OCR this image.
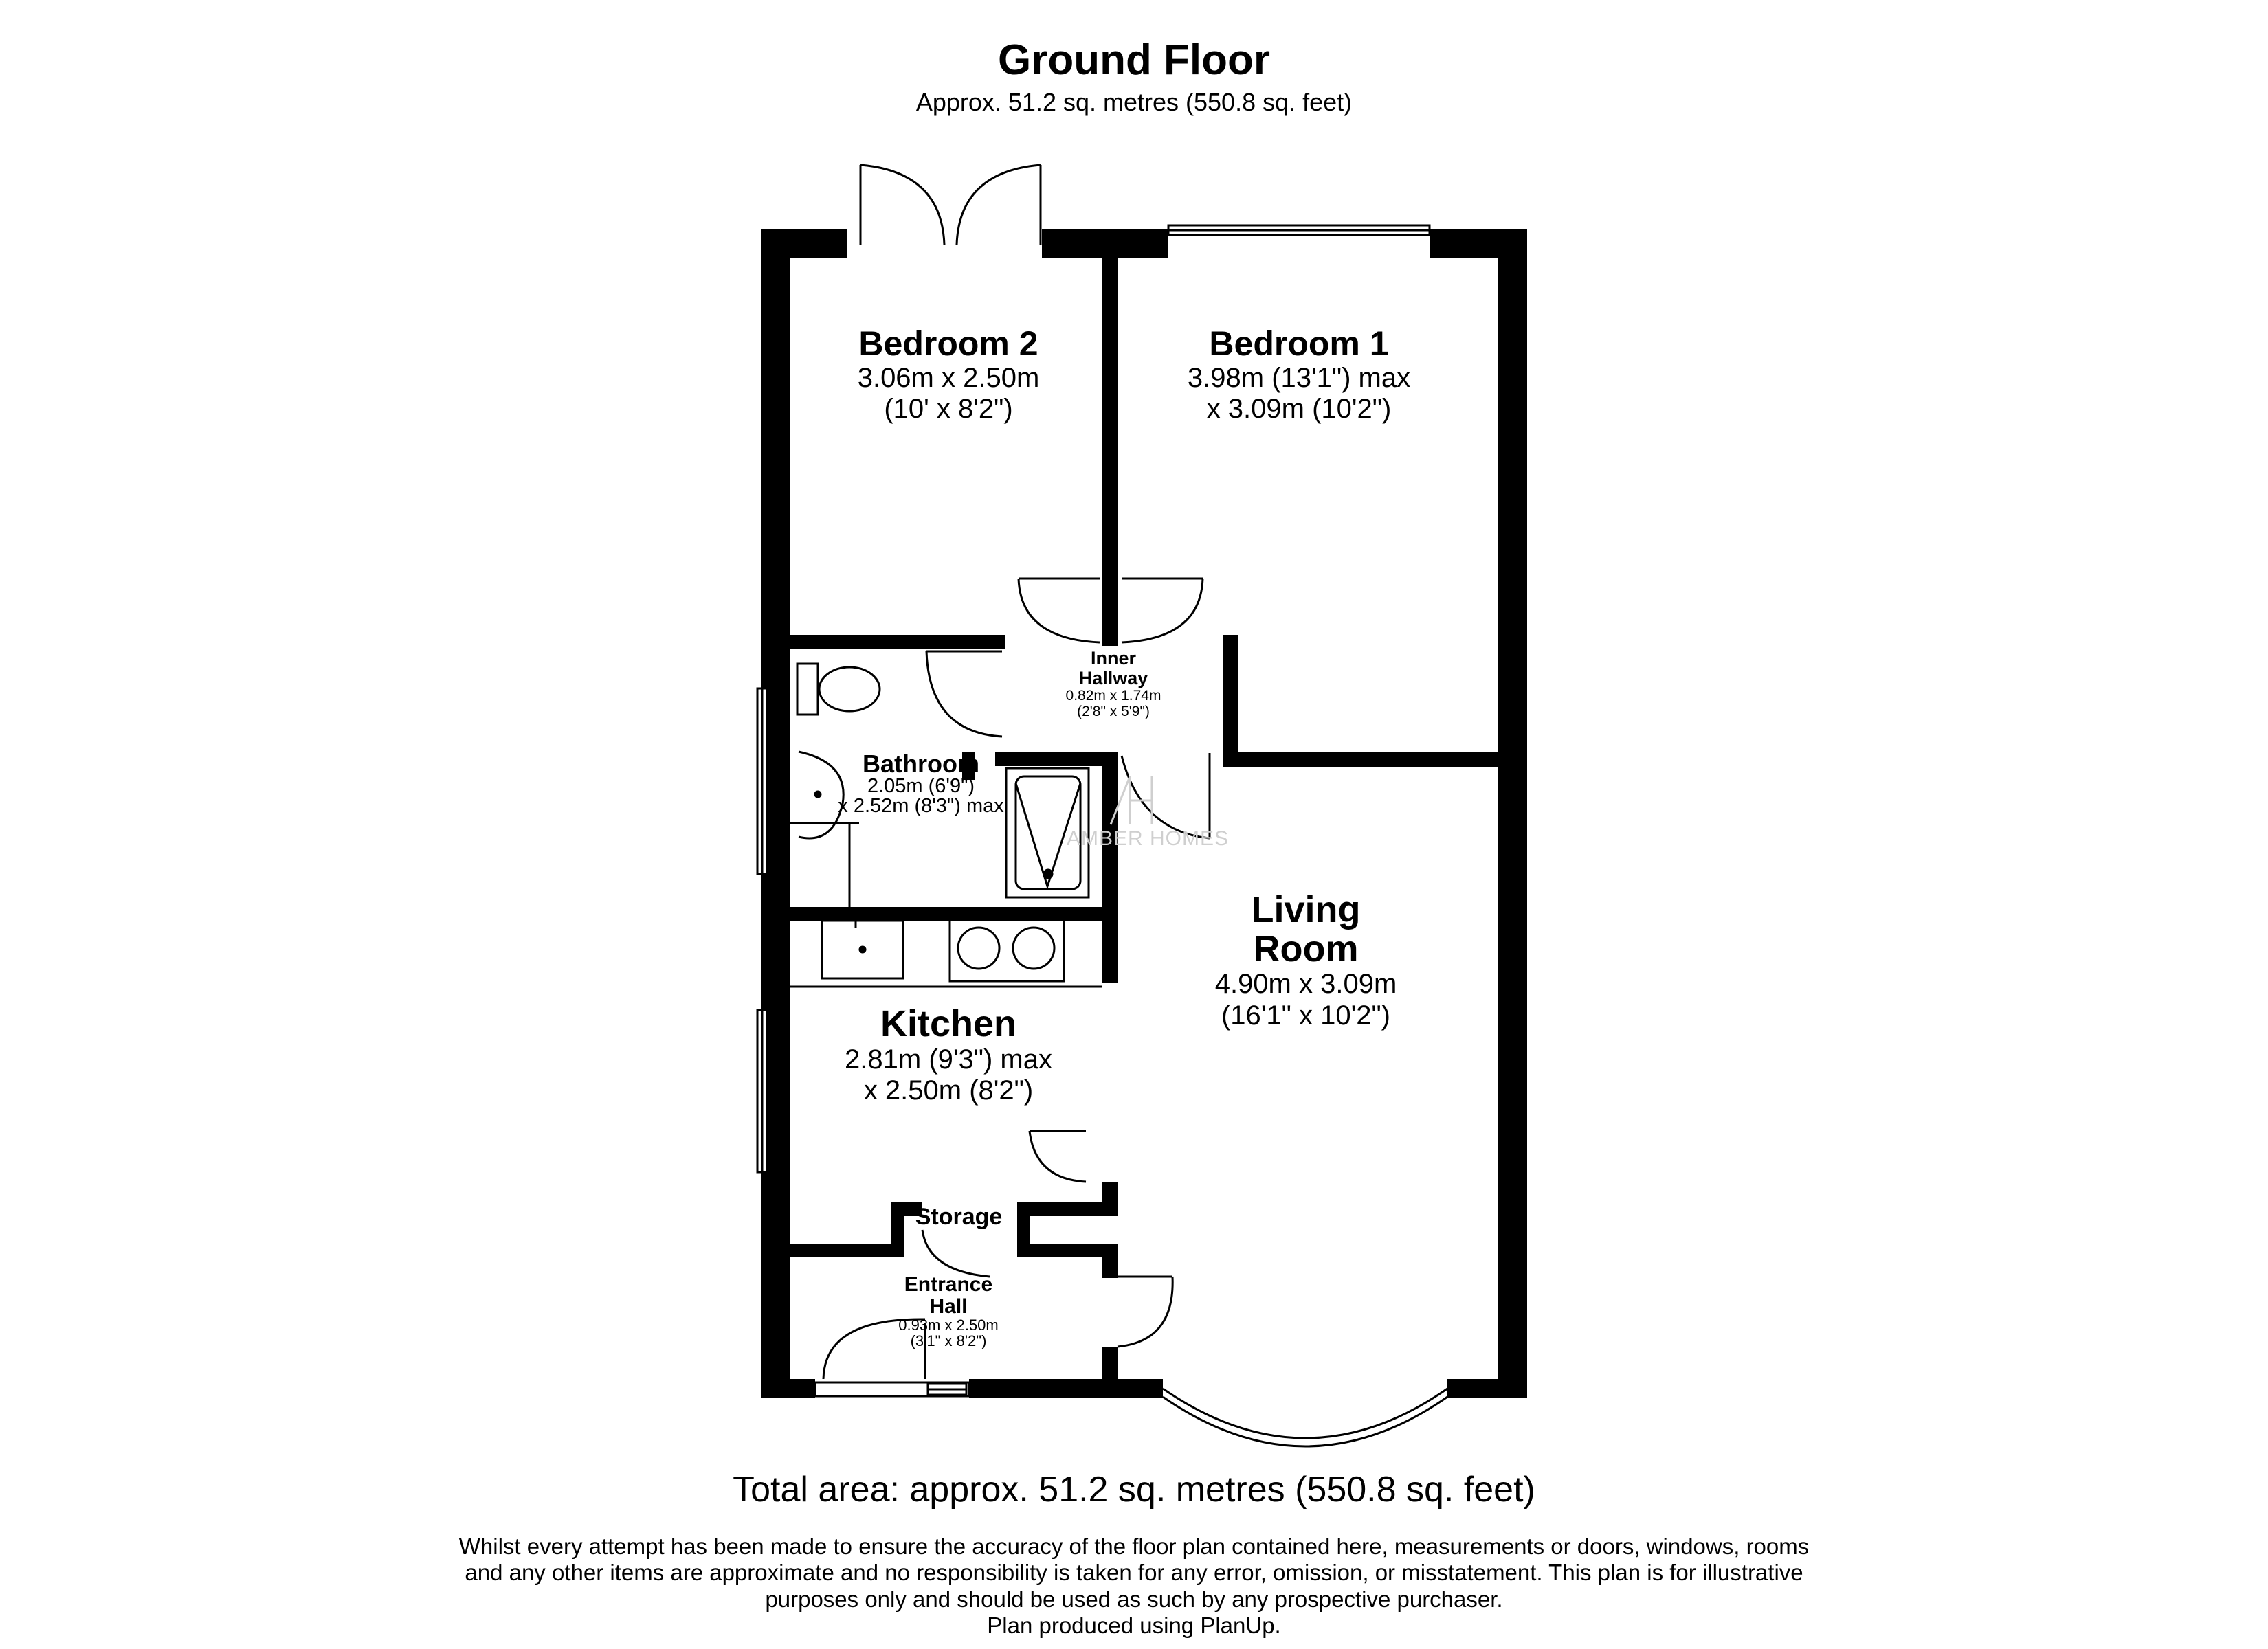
Ground Floor
Approx. 51.2 sq. metres (550.8 sq. feet)
AMBER HOMES
Bedroom 2
3.06m x 2.50m
(10' x 8'2")
Bedroom 1
3.98m (13'1") max
x 3.09m (10'2")
Inner
Hallway
0.82m x 1.74m
(2'8" x 5'9")
Bathroom
2.05m (6'9")
x 2.52m (8'3") max
Living
Room
4.90m x 3.09m
(16'1" x 10'2")
Kitchen
2.81m (9'3") max
x 2.50m (8'2")
Storage
Entrance
Hall
0.93m x 2.50m
(3'1" x 8'2")
Total area: approx. 51.2 sq. metres (550.8 sq. feet)
Whilst every attempt has been made to ensure the accuracy of the floor plan contained here, measurements or doors, windows, rooms
and any other items are approximate and no responsibility is taken for any error, omission, or misstatement. This plan is for illustrative
purposes only and should be used as such by any prospective purchaser.
Plan produced using PlanUp.
